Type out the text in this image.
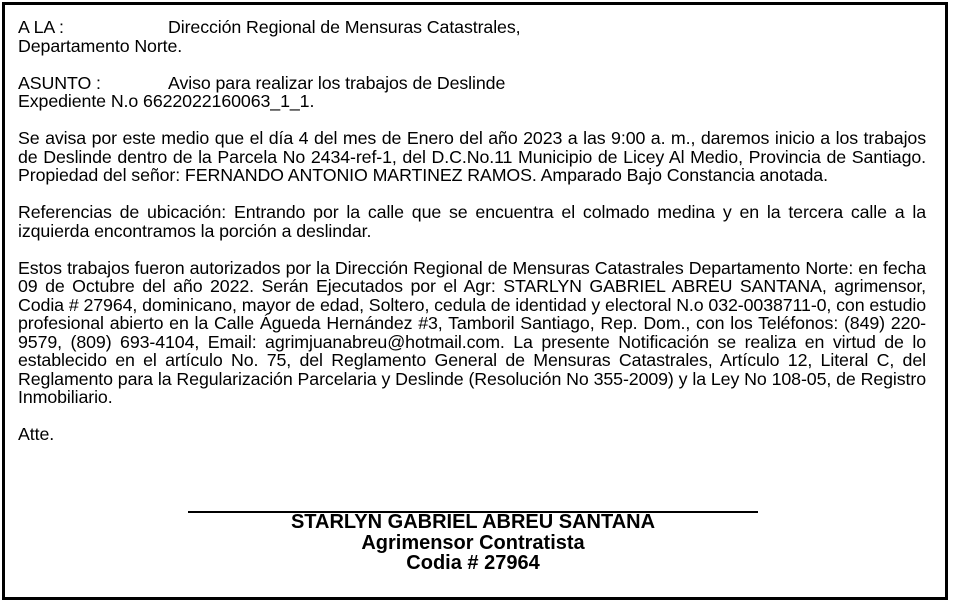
A LA :	Dirección Regional de Mensuras Catastrales,
Departamento Norte.
ASUNTO :	Aviso para realizar los trabajos de Deslinde
Expediente N.o 6622022160063_1_1.

Se avisa por este medio que el día 4 del mes de Enero del año 2023 a las 9:00 a. m., daremos inicio a los trabajos de Deslinde dentro de la Parcela No 2434-ref-1, del D.C.No.11 Municipio de Licey Al Medio, Provincia de Santiago. Propiedad del señor: FERNANDO ANTONIO MARTINEZ RAMOS. Amparado Bajo Constancia anotada.

Referencias de ubicación: Entrando por la calle que se encuentra el colmado medina y en la tercera calle a la izquierda encontramos la porción a deslindar.

Estos trabajos fueron autorizados por la Dirección Regional de Mensuras Catastrales Departamento Norte: en fecha 09 de Octubre del año 2022. Serán Ejecutados por el Agr: STARLYN GABRIEL ABREU SANTANA, agrimensor, Codia # 27964, dominicano, mayor de edad, Soltero, cedula de identidad y electoral N.o 032-0038711-0, con estudio profesional abierto en la Calle Águeda Hernández #3, Tamboril Santiago, Rep. Dom., con los Teléfonos: (849) 220-9579, (809) 693-4104, Email: agrimjuanabreu@hotmail.com. La presente Notificación se realiza en virtud de lo establecido en el artículo No. 75, del Reglamento General de Mensuras Catastrales, Artículo 12, Literal C, del Reglamento para la Regularización Parcelaria y Deslinde (Resolución No 355-2009) y la Ley No 108-05, de Registro Inmobiliario.

Atte.
STARLYN GABRIEL ABREU SANTANA
Agrimensor Contratista
Codia # 27964
